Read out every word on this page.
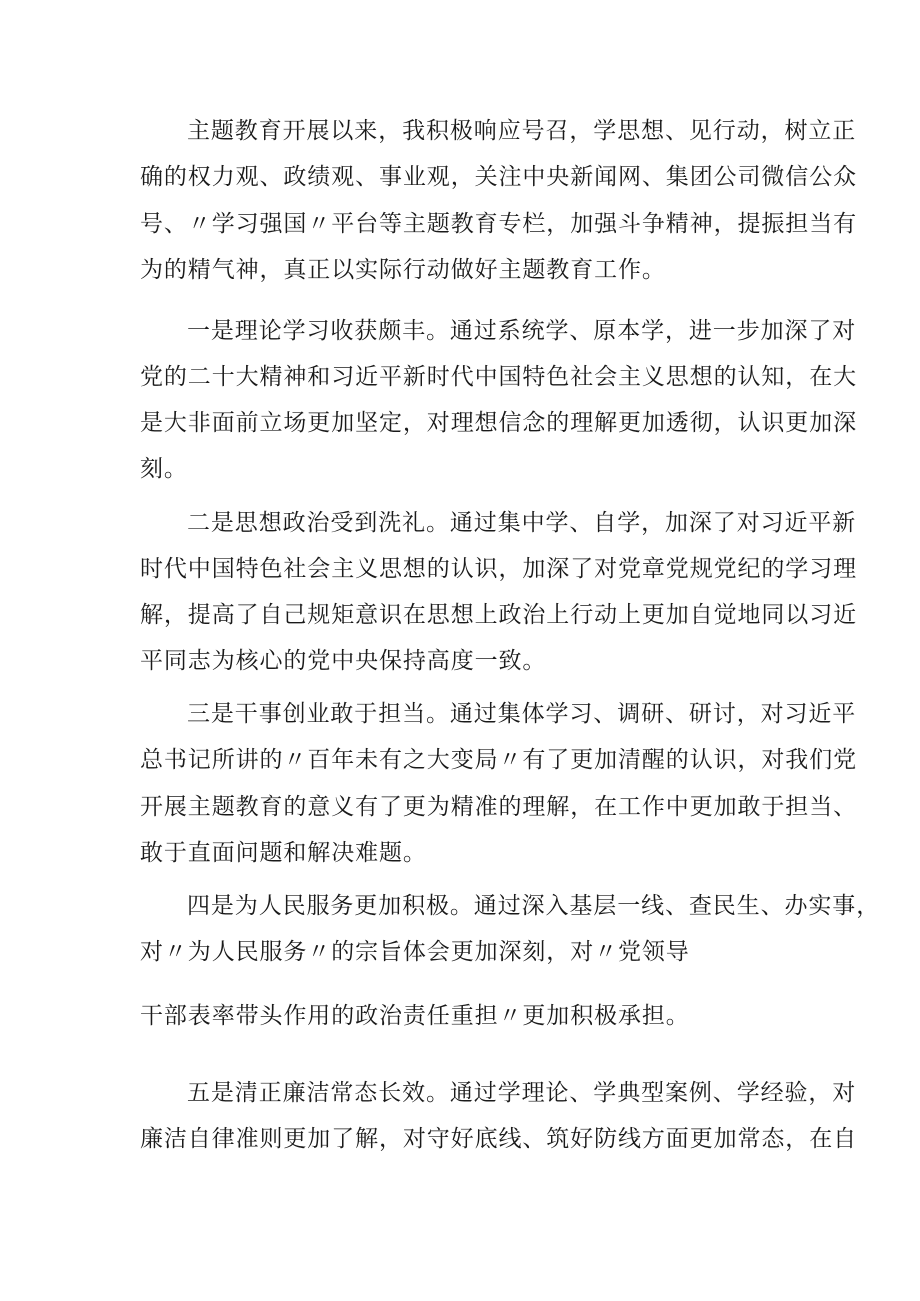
主题教育开展以来，我积极响应号召，学思想、见行动，树立正
确的权力观、政绩观、事业观，关注中央新闻网、集团公司微信公众
号、〃学习强国〃平台等主题教育专栏，加强斗争精神，提振担当有
为的精气神，真正以实际行动做好主题教育工作。
一是理论学习收获颇丰。通过系统学、原本学，进一步加深了对
党的二十大精神和习近平新时代中国特色社会主义思想的认知，在大
是大非面前立场更加坚定，对理想信念的理解更加透彻，认识更加深
刻。
二是思想政治受到洗礼。通过集中学、自学，加深了对习近平新
时代中国特色社会主义思想的认识，加深了对党章党规党纪的学习理
解，提高了自己规矩意识在思想上政治上行动上更加自觉地同以习近
平同志为核心的党中央保持高度一致。
三是干事创业敢于担当。通过集体学习、调研、研讨，对习近平
总书记所讲的〃百年未有之大变局〃有了更加清醒的认识，对我们党
开展主题教育的意义有了更为精准的理解，在工作中更加敢于担当、
敢于直面问题和解决难题。
四是为人民服务更加积极。通过深入基层一线、查民生、办实事，
对〃为人民服务〃的宗旨体会更加深刻，对〃党领导
干部表率带头作用的政治责任重担〃更加积极承担。
五是清正廉洁常态长效。通过学理论、学典型案例、学经验，对
廉洁自律准则更加了解，对守好底线、筑好防线方面更加常态，在自
